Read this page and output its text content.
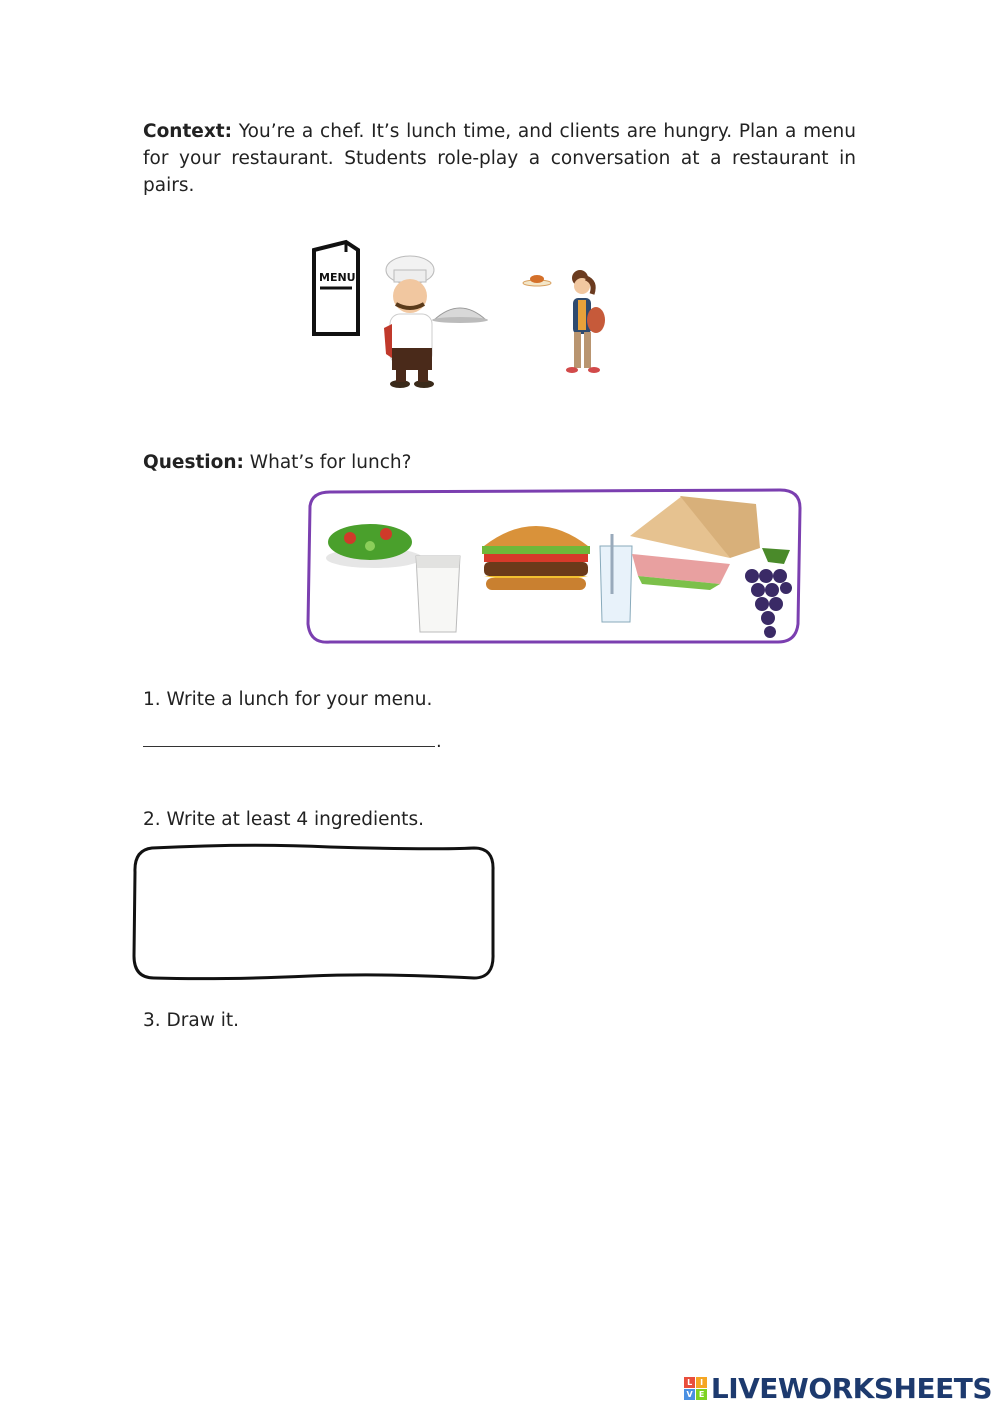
Context: You’re a chef. It’s lunch time, and clients are hungry. Plan a menu for your restaurant. Students role-play a conversation at a restaurant in pairs.
MENU
Question: What’s for lunch?
1. Write a lunch for your menu.
.
2. Write at least 4 ingredients.
3. Draw it.
L	I
V E LIVEWORKSHEETS
